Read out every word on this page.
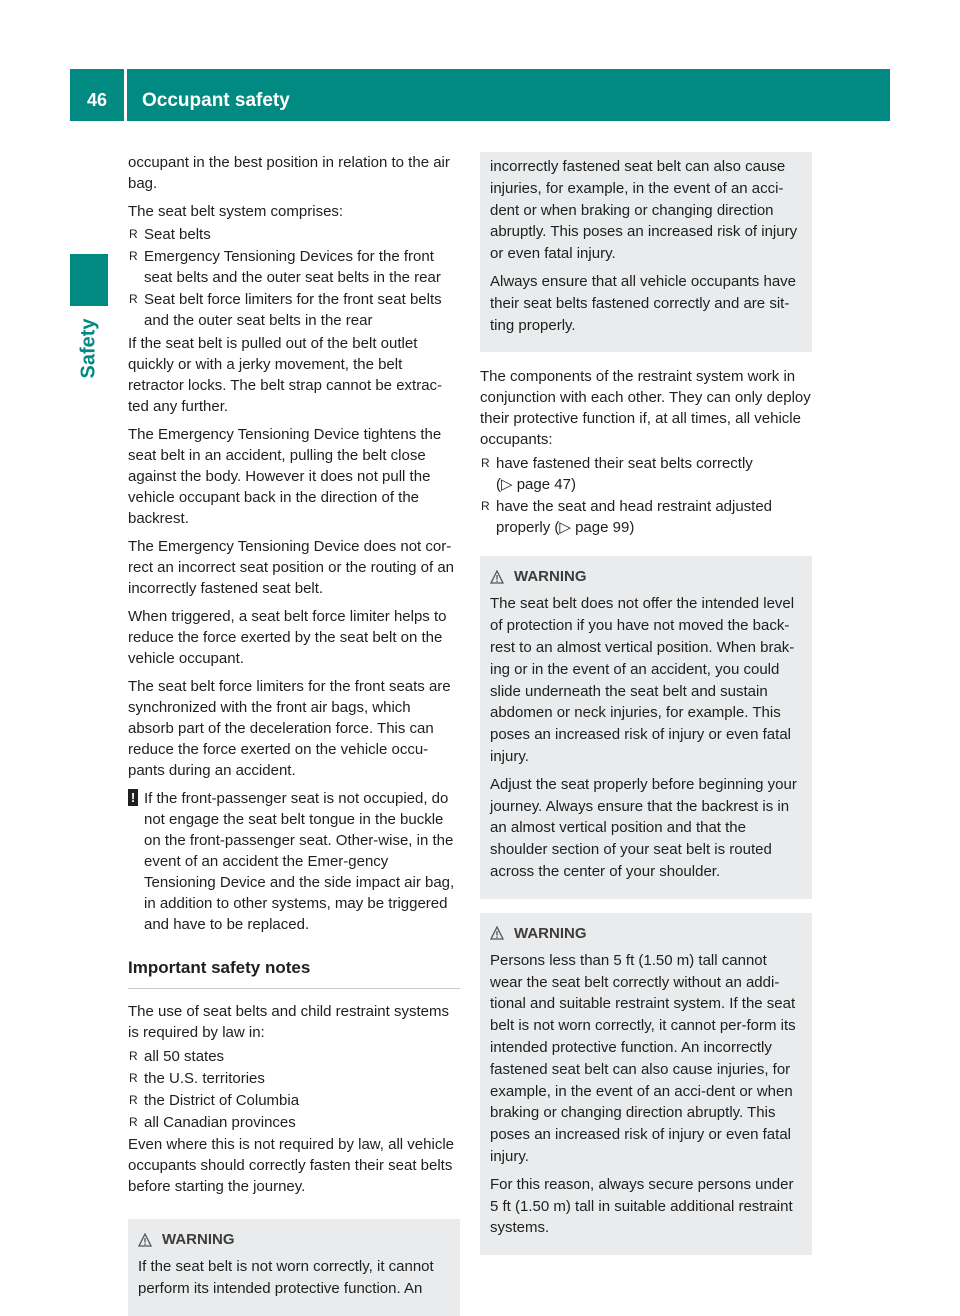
46	Occupant safety
Safety

occupant in the best position in relation to the air bag.

The seat belt system comprises:

R Seat belts
R Emergency Tensioning Devices for the front seat belts and the outer seat belts in the rear
R Seat belt force limiters for the front seat belts and the outer seat belts in the rear

If the seat belt is pulled out of the belt outlet quickly or with a jerky movement, the belt retractor locks. The belt strap cannot be extrac-ted any further.

The Emergency Tensioning Device tightens the seat belt in an accident, pulling the belt close against the body. However it does not pull the vehicle occupant back in the direction of the backrest.

The Emergency Tensioning Device does not cor-rect an incorrect seat position or the routing of an incorrectly fastened seat belt.

When triggered, a seat belt force limiter helps to reduce the force exerted by the seat belt on the vehicle occupant.

The seat belt force limiters for the front seats are synchronized with the front air bags, which absorb part of the deceleration force. This can reduce the force exerted on the vehicle occu-pants during an accident.

! If the front-passenger seat is not occupied, do not engage the seat belt tongue in the buckle on the front-passenger seat. Other-wise, in the event of an accident the Emer-gency Tensioning Device and the side impact air bag, in addition to other systems, may be triggered and have to be replaced.
Important safety notes

The use of seat belts and child restraint systems is required by law in:

R all 50 states
R the U.S. territories
R the District of Columbia
R all Canadian provinces

Even where this is not required by law, all vehicle occupants should correctly fasten their seat belts before starting the journey.

WARNING

If the seat belt is not worn correctly, it cannot perform its intended protective function. An

incorrectly fastened seat belt can also cause injuries, for example, in the event of an acci-dent or when braking or changing direction abruptly. This poses an increased risk of injury or even fatal injury.

Always ensure that all vehicle occupants have their seat belts fastened correctly and are sit-ting properly.

The components of the restraint system work in conjunction with each other. They can only deploy their protective function if, at all times, all vehicle occupants:

R have fastened their seat belts correctly
(▷ page 47)
R have the seat and head restraint adjusted properly (▷ page 99)
WARNING

The seat belt does not offer the intended level of protection if you have not moved the back-rest to an almost vertical position. When brak-ing or in the event of an accident, you could slide underneath the seat belt and sustain abdomen or neck injuries, for example. This poses an increased risk of injury or even fatal injury.

Adjust the seat properly before beginning your journey. Always ensure that the backrest is in an almost vertical position and that the shoulder section of your seat belt is routed across the center of your shoulder.

WARNING

Persons less than 5 ft (1.50 m) tall cannot wear the seat belt correctly without an addi-tional and suitable restraint system. If the seat belt is not worn correctly, it cannot per-form its intended protective function. An incorrectly fastened seat belt can also cause injuries, for example, in the event of an acci-dent or when braking or changing direction abruptly. This poses an increased risk of injury or even fatal injury.

For this reason, always secure persons under 5 ft (1.50 m) tall in suitable additional restraint systems.
